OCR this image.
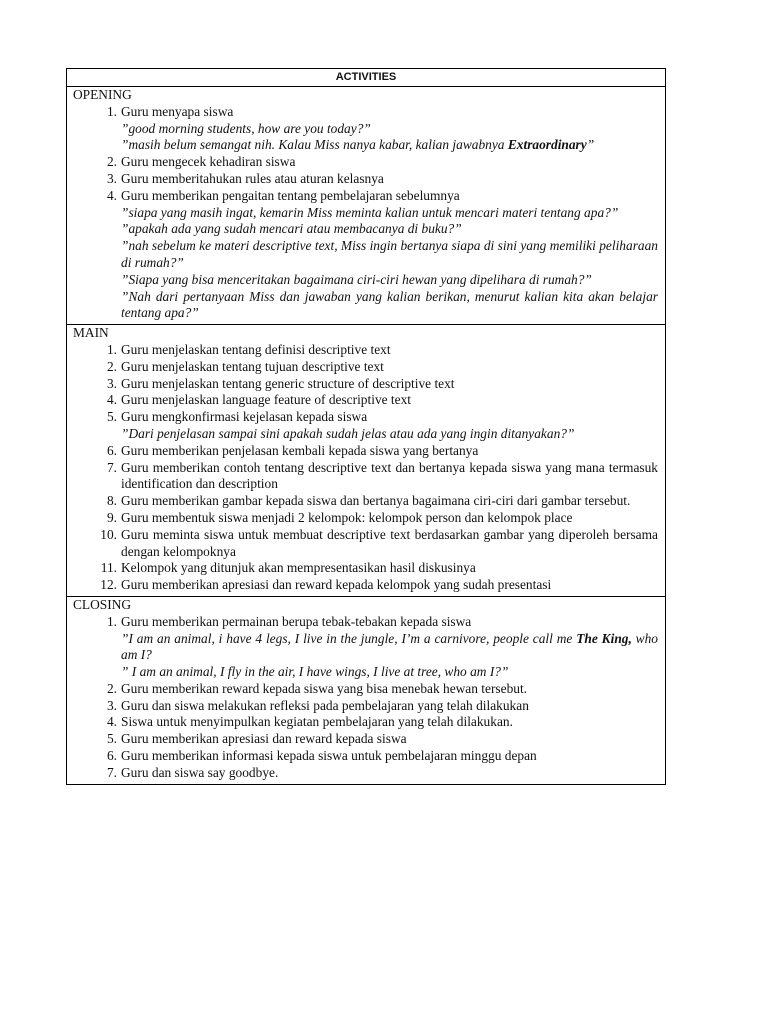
ACTIVITIES
OPENING
1. Guru menyapa siswa
”good morning students, how are you today?”
”masih belum semangat nih. Kalau Miss nanya kabar, kalian jawabnya Extraordinary”
2. Guru mengecek kehadiran siswa
3. Guru memberitahukan rules atau aturan kelasnya
4. Guru memberikan pengaitan tentang pembelajaran sebelumnya
”siapa yang masih ingat, kemarin Miss meminta kalian untuk mencari materi tentang apa?”
”apakah ada yang sudah mencari atau membacanya di buku?”
”nah sebelum ke materi descriptive text, Miss ingin bertanya siapa di sini yang memiliki peliharaan di rumah?”
”Siapa yang bisa menceritakan bagaimana ciri-ciri hewan yang dipelihara di rumah?”
”Nah dari pertanyaan Miss dan jawaban yang kalian berikan, menurut kalian kita akan belajar tentang apa?”
MAIN
1. Guru menjelaskan tentang definisi descriptive text
2. Guru menjelaskan tentang tujuan descriptive text
3. Guru menjelaskan tentang generic structure of descriptive text
4. Guru menjelaskan language feature of descriptive text
5. Guru mengkonfirmasi kejelasan kepada siswa
”Dari penjelasan sampai sini apakah sudah jelas atau ada yang ingin ditanyakan?”
6. Guru memberikan penjelasan kembali kepada siswa yang bertanya
7. Guru memberikan contoh tentang descriptive text dan bertanya kepada siswa yang mana termasuk identification dan description
8. Guru memberikan gambar kepada siswa dan bertanya bagaimana ciri-ciri dari gambar tersebut.
9. Guru membentuk siswa menjadi 2 kelompok: kelompok person dan kelompok place
10. Guru meminta siswa untuk membuat descriptive text berdasarkan gambar yang diperoleh bersama dengan kelompoknya
11. Kelompok yang ditunjuk akan mempresentasikan hasil diskusinya
12. Guru memberikan apresiasi dan reward kepada kelompok yang sudah presentasi
CLOSING
1. Guru memberikan permainan berupa tebak-tebakan kepada siswa
”I am an animal, i have 4 legs, I live in the jungle, I’m a carnivore, people call me The King, who am I?
” I am an animal, I fly in the air, I have wings, I live at tree, who am I?”
2. Guru memberikan reward kepada siswa yang bisa menebak hewan tersebut.
3. Guru dan siswa melakukan refleksi pada pembelajaran yang telah dilakukan
4. Siswa untuk menyimpulkan kegiatan pembelajaran yang telah dilakukan.
5. Guru memberikan apresiasi dan reward kepada siswa
6. Guru memberikan informasi kepada siswa untuk pembelajaran minggu depan
7. Guru dan siswa say goodbye.
